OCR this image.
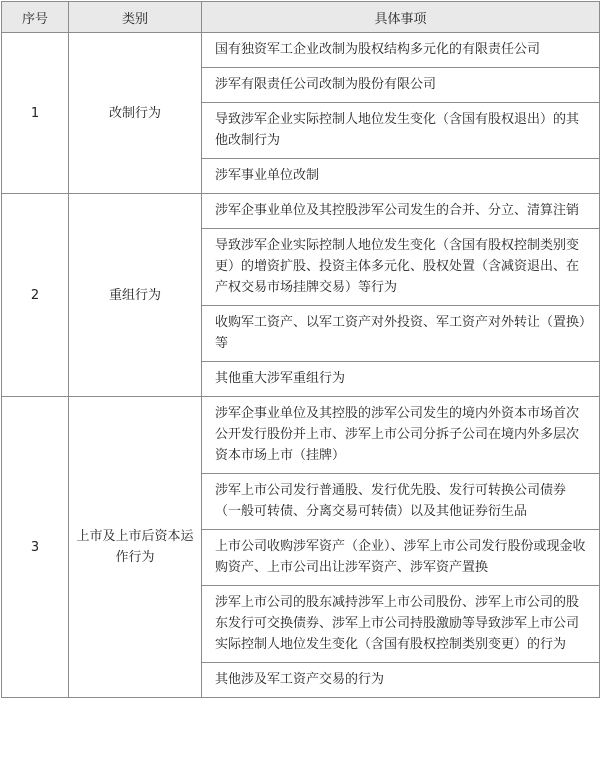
序号	类别	具体事项
1	改制行为	国有独资军工企业改制为股权结构多元化的有限责任公司
		涉军有限责任公司改制为股份有限公司
		导致涉军企业实际控制人地位发生变化（含国有股权退出）的其他改制行为
		涉军事业单位改制
2	重组行为	涉军企事业单位及其控股涉军公司发生的合并、分立、清算注销
		导致涉军企业实际控制人地位发生变化（含国有股权控制类别变更）的增资扩股、投资主体多元化、股权处置（含减资退出、在产权交易市场挂牌交易）等行为
		收购军工资产、以军工资产对外投资、军工资产对外转让（置换）等
		其他重大涉军重组行为
3	上市及上市后资本运作行为	涉军企事业单位及其控股的涉军公司发生的境内外资本市场首次公开发行股份并上市、涉军上市公司分拆子公司在境内外多层次资本市场上市（挂牌）
		涉军上市公司发行普通股、发行优先股、发行可转换公司债券（一般可转债、分离交易可转债）以及其他证券衍生品
		上市公司收购涉军资产（企业）、涉军上市公司发行股份或现金收购资产、上市公司出让涉军资产、涉军资产置换
		涉军上市公司的股东减持涉军上市公司股份、涉军上市公司的股东发行可交换债券、涉军上市公司持股激励等导致涉军上市公司实际控制人地位发生变化（含国有股权控制类别变更）的行为
		其他涉及军工资产交易的行为
